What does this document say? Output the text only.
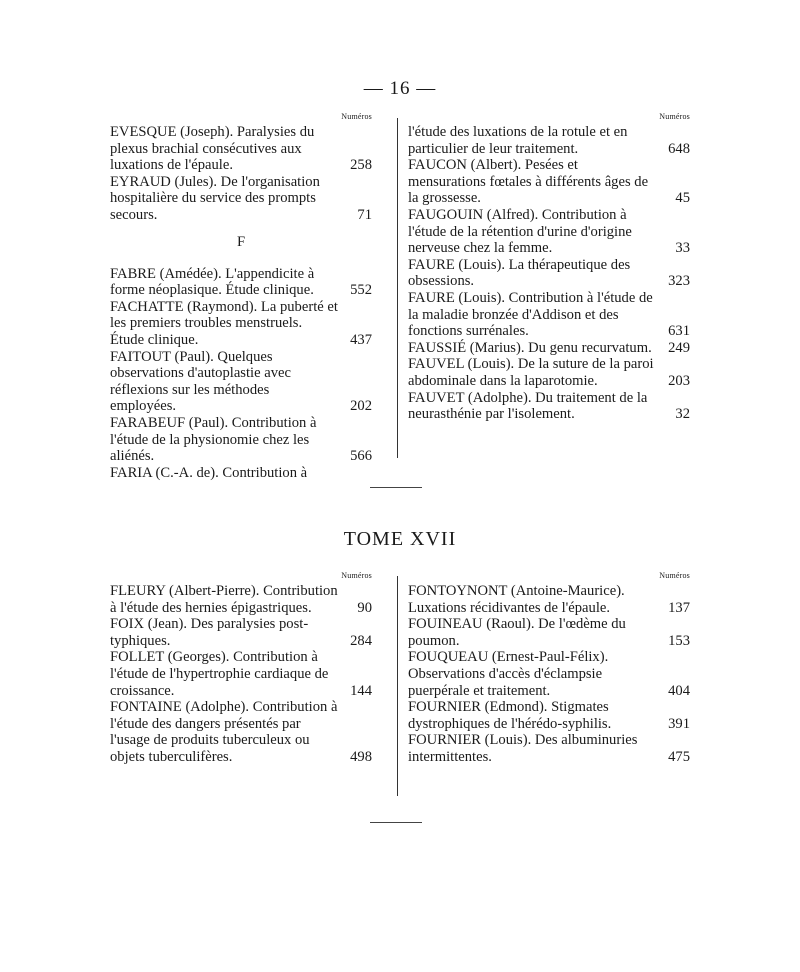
— 16 —
Numéros
EVESQUE (Joseph). Paralysies du plexus brachial consécutives aux luxations de l'épaule.	258
EYRAUD (Jules). De l'organisation hospitalière du service des prompts secours.	71
F
FABRE (Amédée). L'appendicite à forme néoplasique. Étude clinique.	552
FACHATTE (Raymond). La puberté et les premiers troubles menstruels. Étude clinique.	437
FAITOUT (Paul). Quelques observations d'autoplastie avec réflexions sur les méthodes employées.	202
FARABEUF (Paul). Contribution à l'étude de la physionomie chez les aliénés.	566
FARIA (C.-A. de). Contribution à
Numéros
l'étude des luxations de la rotule et en particulier de leur traitement.	648
FAUCON (Albert). Pesées et mensurations fœtales à différents âges de la grossesse.	45
FAUGOUIN (Alfred). Contribution à l'étude de la rétention d'urine d'origine nerveuse chez la femme.	33
FAURE (Louis). La thérapeutique des obsessions.	323
FAURE (Louis). Contribution à l'étude de la maladie bronzée d'Addison et des fonctions surrénales.	631
FAUSSIÉ (Marius). Du genu recurvatum.	249
FAUVEL (Louis). De la suture de la paroi abdominale dans la laparotomie.	203
FAUVET (Adolphe). Du traitement de la neurasthénie par l'isolement.	32
TOME XVII
Numéros
FLEURY (Albert-Pierre). Contribution à l'étude des hernies épigastriques.	90
FOIX (Jean). Des paralysies post-typhiques.	284
FOLLET (Georges). Contribution à l'étude de l'hypertrophie cardiaque de croissance.	144
FONTAINE (Adolphe). Contribution à l'étude des dangers présentés par l'usage de produits tuberculeux ou objets tuberculifères.	498
Numéros
FONTOYNONT (Antoine-Maurice). Luxations récidivantes de l'épaule.	137
FOUINEAU (Raoul). De l'œdème du poumon.	153
FOUQUEAU (Ernest-Paul-Félix). Observations d'accès d'éclampsie puerpérale et traitement.	404
FOURNIER (Edmond). Stigmates dystrophiques de l'hérédo-syphilis.	391
FOURNIER (Louis). Des albuminuries intermittentes.	475
